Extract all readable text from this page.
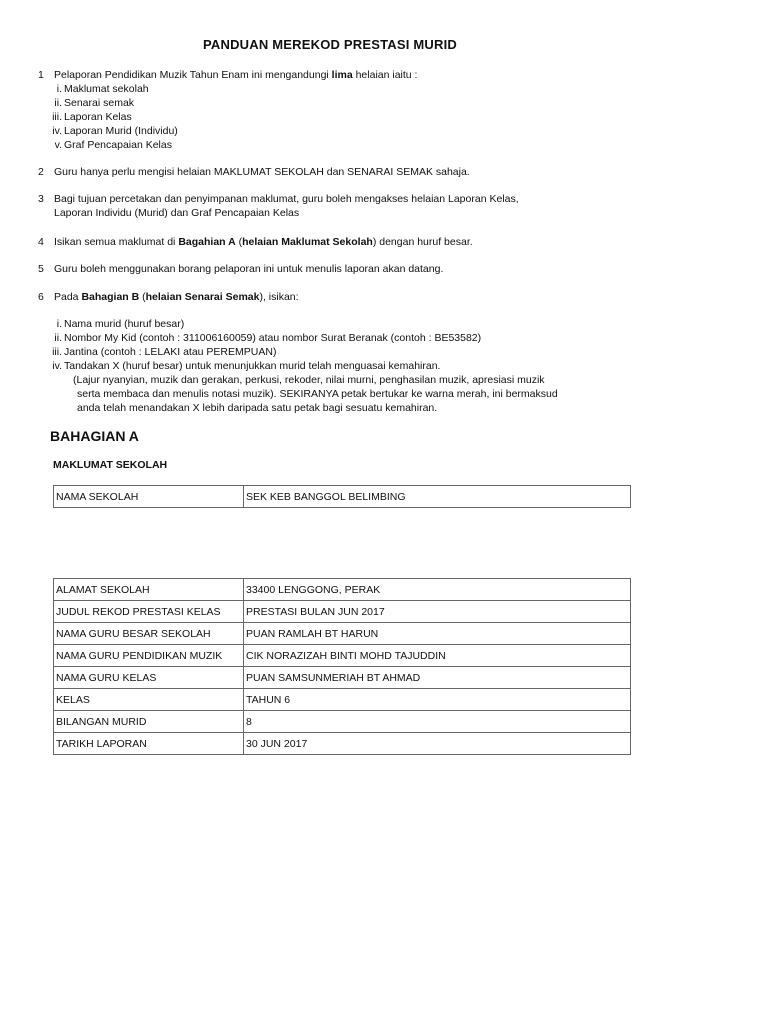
PANDUAN MEREKOD PRESTASI MURID
1 Pelaporan Pendidikan Muzik Tahun Enam ini mengandungi lima helaian iaitu :
i. Maklumat sekolah
ii. Senarai semak
iii. Laporan Kelas
iv. Laporan Murid (Individu)
v. Graf Pencapaian Kelas
2 Guru hanya perlu mengisi helaian MAKLUMAT SEKOLAH dan SENARAI SEMAK sahaja.
3 Bagi tujuan percetakan dan penyimpanan maklumat, guru boleh mengakses helaian Laporan Kelas,
Laporan Individu (Murid) dan Graf Pencapaian Kelas
4 Isikan semua maklumat di Bagahian A (helaian Maklumat Sekolah) dengan huruf besar.
5 Guru boleh menggunakan borang pelaporan ini untuk menulis laporan akan datang.
6 Pada Bahagian B (helaian Senarai Semak), isikan:
i. Nama murid (huruf besar)
ii. Nombor My Kid (contoh : 311006160059) atau nombor Surat Beranak (contoh : BE53582)
iii. Jantina (contoh : LELAKI atau PEREMPUAN)
iv. Tandakan X (huruf besar) untuk menunjukkan murid telah menguasai kemahiran.
(Lajur nyanyian, muzik dan gerakan, perkusi, rekoder, nilai murni, penghasilan muzik, apresiasi muzik
serta membaca dan menulis notasi muzik). SEKIRANYA petak bertukar ke warna merah, ini bermaksud
anda telah menandakan X lebih daripada satu petak bagi sesuatu kemahiran.
BAHAGIAN A
MAKLUMAT SEKOLAH
NAMA SEKOLAH	SEK KEB BANGGOL BELIMBING
ALAMAT SEKOLAH	33400 LENGGONG, PERAK
JUDUL REKOD PRESTASI KELAS	PRESTASI BULAN JUN 2017
NAMA GURU BESAR SEKOLAH	PUAN RAMLAH BT HARUN
NAMA GURU PENDIDIKAN MUZIK	CIK NORAZIZAH BINTI MOHD TAJUDDIN
NAMA GURU KELAS	PUAN SAMSUNMERIAH BT AHMAD
KELAS	TAHUN 6
BILANGAN MURID	8
TARIKH LAPORAN	30 JUN 2017
